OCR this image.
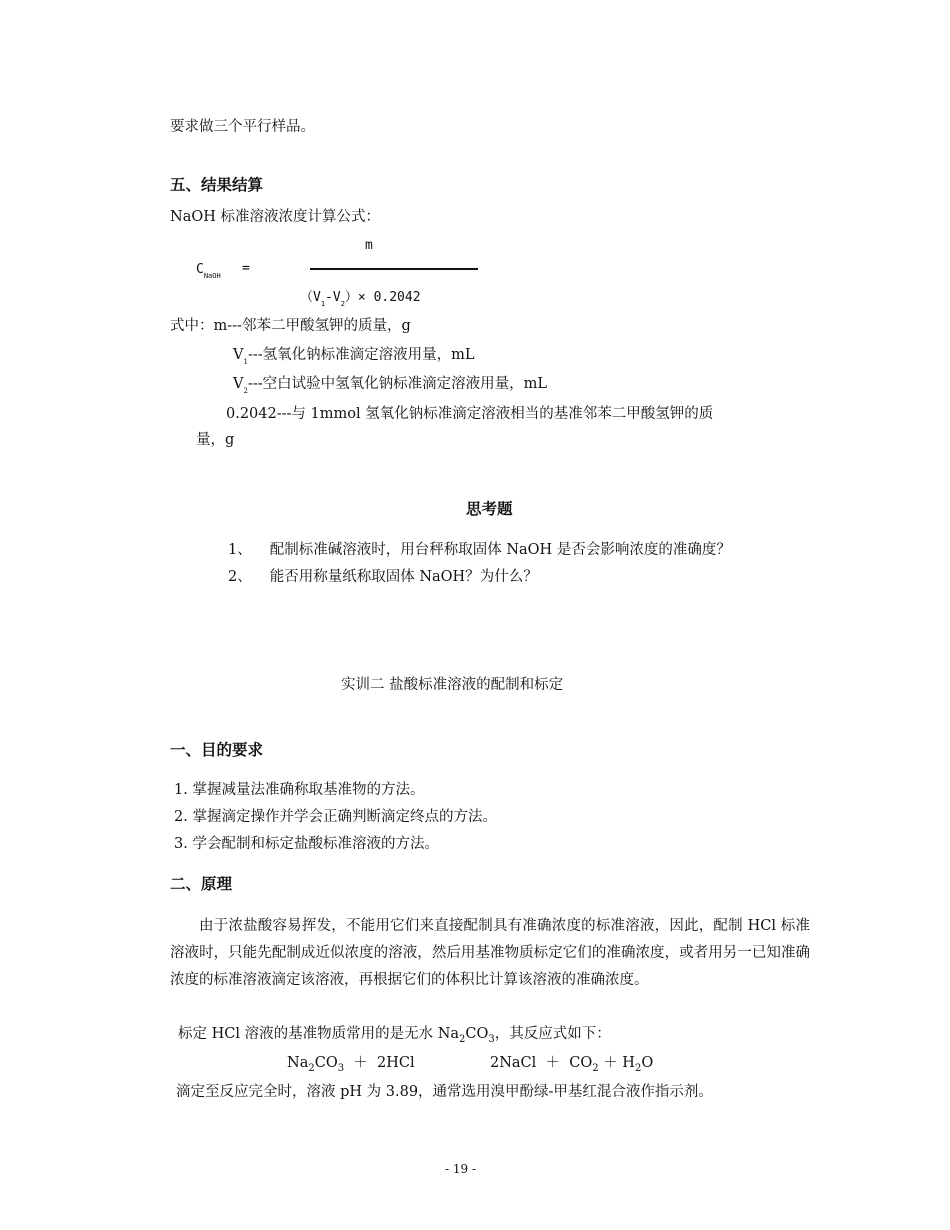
要求做三个平行样品。
五、结果结算
NaOH 标准溶液浓度计算公式：
$C_{NaOH}$ =
m
$(V_1-V_2)\times 0.2042$
式中：m---邻苯二甲酸氢钾的质量，g
$V_1---$氢氧化钠标准滴定溶液用量，mL
$V_2---$空白试验中氢氧化钠标准滴定溶液用量，mL
0.2042---与 1mmol 氢氧化钠标准滴定溶液相当的基准邻苯二甲酸氢钾的质
量，g
思考题
1、 配制标准碱溶液时，用台秤称取固体 NaOH 是否会影响浓度的准确度？
2、 能否用称量纸称取固体 NaOH？为什么？
实训二 盐酸标准溶液的配制和标定
一、目的要求
1. 掌握减量法准确称取基准物的方法。
2. 掌握滴定操作并学会正确判断滴定终点的方法。
3. 学会配制和标定盐酸标准溶液的方法。
二、原理
由于浓盐酸容易挥发，不能用它们来直接配制具有准确浓度的标准溶液，因此，配制 HCl 标准溶液时，只能先配制成近似浓度的溶液，然后用基准物质标定它们的准确浓度，或者用另一已知准确浓度的标准溶液滴定该溶液，再根据它们的体积比计算该溶液的准确浓度。
标定 HCl 溶液的基准物质常用的是无水 $Na_2CO_3$，其反应式如下：
$Na_2CO_3 + 2HCl$	2NaCl  ＋  $CO_2 + H_2O$
滴定至反应完全时，溶液 pH 为 3.89，通常选用溴甲酚绿-甲基红混合液作指示剂。
- 19 -
